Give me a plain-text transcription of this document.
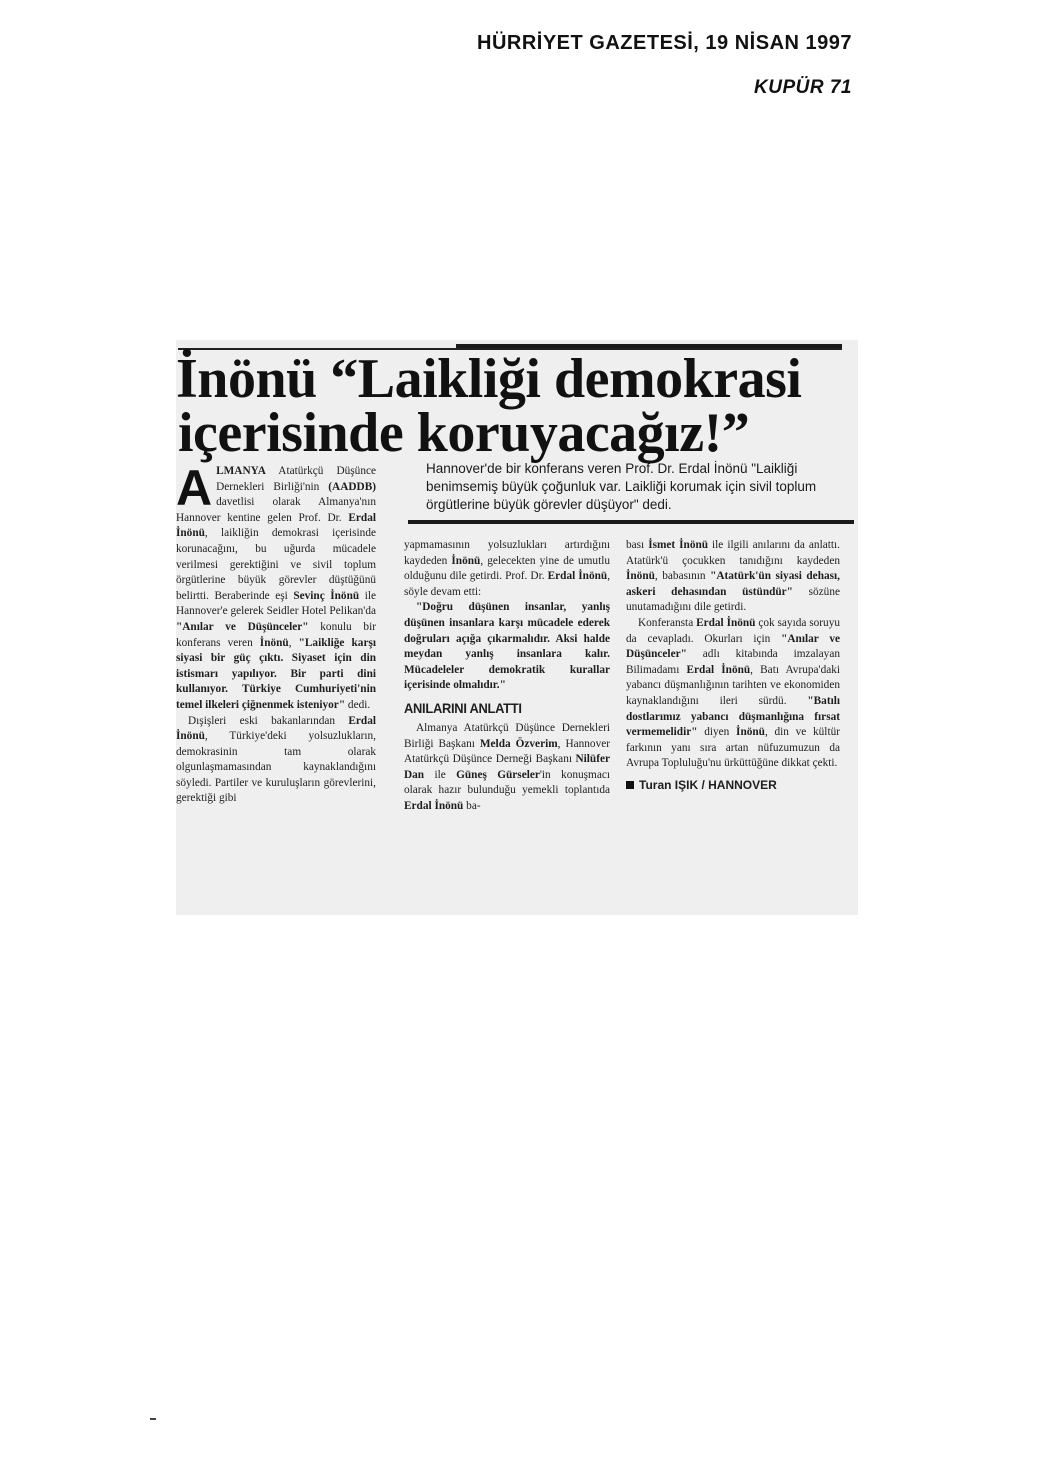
HÜRRİYET GAZETESİ, 19 NİSAN 1997
KUPÜR 71
İnönü “Laikliği demokrasi
içerisinde koruyacağız!”
Hannover'de bir konferans veren Prof. Dr. Erdal İnönü "Laikliği benimsemiş büyük çoğunluk var. Laikliği korumak için sivil toplum örgütlerine büyük görevler düşüyor" dedi.

ALMANYA Atatürkçü Düşünce Dernekleri Birliği'nin (AADDB) davetlisi olarak Almanya'nın Hannover kentine gelen Prof. Dr. Erdal İnönü, laikliğin demokrasi içerisinde korunacağını, bu uğurda mücadele verilmesi gerektiğini ve sivil toplum örgütlerine büyük görevler düştüğünü belirtti. Beraberinde eşi Sevinç İnönü ile Hannover'e gelerek Seidler Hotel Pelikan'da "Anılar ve Düşünceler" konulu bir konferans veren İnönü, "Laikliğe karşı siyasi bir güç çıktı. Siyaset için din istismarı yapılıyor. Bir parti dini kullanıyor. Türkiye Cumhuriyeti'nin temel ilkeleri çiğnenmek isteniyor" dedi.

Dışişleri eski bakanlarından Erdal İnönü, Türkiye'deki yolsuzlukların, demokrasinin tam olarak olgunlaşmamasından kaynaklandığını söyledi. Partiler ve kuruluşların görevlerini, gerektiği gibi

yapmamasının yolsuzlukları artırdığını kaydeden İnönü, gelecekten yine de umutlu olduğunu dile getirdi. Prof. Dr. Erdal İnönü, söyle devam etti:

"Doğru düşünen insanlar, yanlış düşünen insanlara karşı mücadele ederek doğruları açığa çıkarmalıdır. Aksi halde meydan yanlış insanlara kalır. Mücadeleler demokratik kurallar içerisinde olmalıdır."

ANILARINI ANLATTI

Almanya Atatürkçü Düşünce Dernekleri Birliği Başkanı Melda Özverim, Hannover Atatürkçü Düşünce Derneği Başkanı Nilüfer Dan ile Güneş Gürseler'in konuşmacı olarak hazır bulunduğu yemekli toplantıda Erdal İnönü ba-

bası İsmet İnönü ile ilgili anılarını da anlattı. Atatürk'ü çocukken tanıdığını kaydeden İnönü, babasının "Atatürk'ün siyasi dehası, askeri dehasından üstündür" sözüne unutamadığını dile getirdi.

Konferansta Erdal İnönü çok sayıda soruyu da cevapladı. Okurları için "Anılar ve Düşünceler" adlı kitabında imzalayan Bilimadamı Erdal İnönü, Batı Avrupa'daki yabancı düşmanlığının tarihten ve ekonomiden kaynaklandığını ileri sürdü. "Batılı dostlarımız yabancı düşmanlığına fırsat vermemelidir" diyen İnönü, din ve kültür farkının yanı sıra artan nüfuzumuzun da Avrupa Topluluğu'nu ürküttüğüne dikkat çekti.

Turan IŞIK / HANNOVER
